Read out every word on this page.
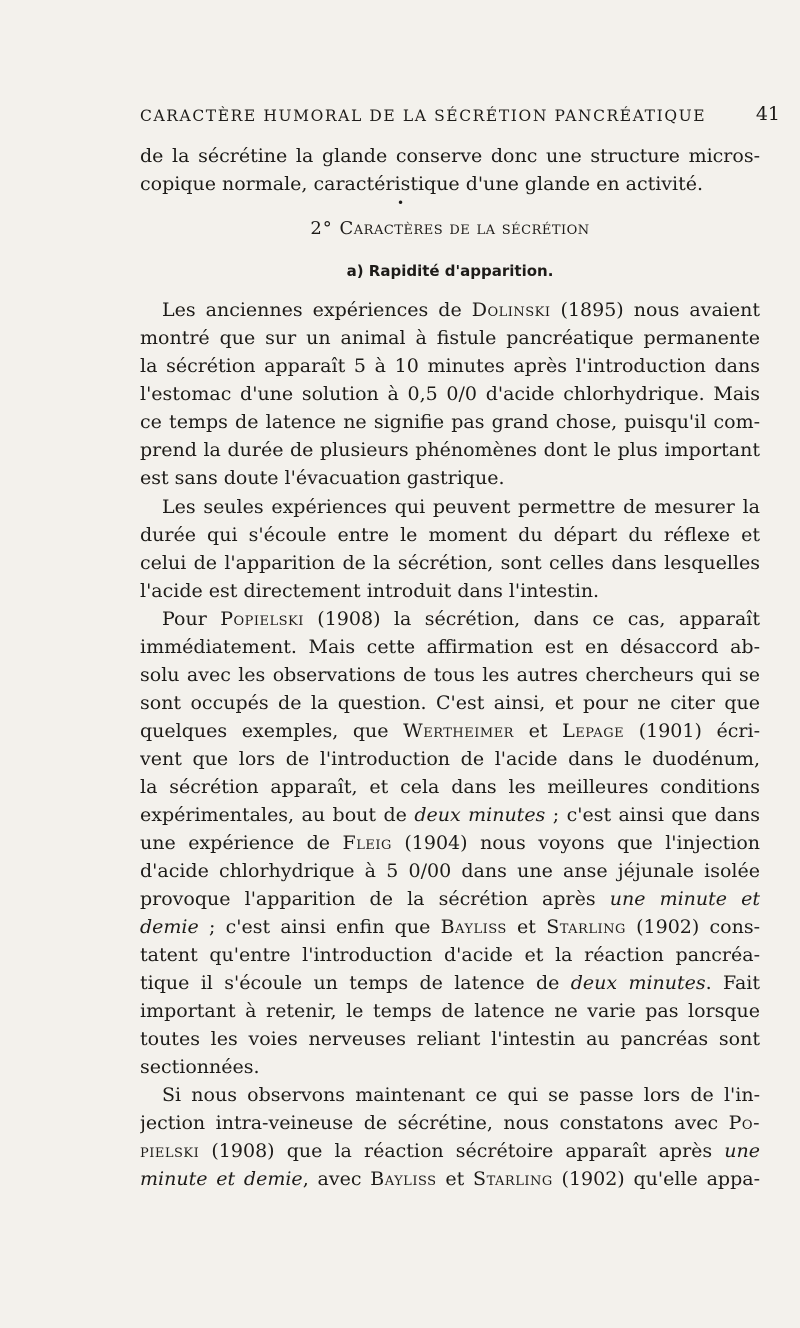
CARACTÈRE HUMORAL DE LA SÉCRÉTION PANCRÉATIQUE	41

de la sécrétine la glande conserve donc une structure micros-
copique normale, caractéristique d'une glande en activité.

•
2° Caractères de la sécrétion
a) Rapidité d'apparition.

Les anciennes expériences de Dolinski (1895) nous avaient
montré que sur un animal à fistule pancréatique permanente
la sécrétion apparaît 5 à 10 minutes après l'introduction dans
l'estomac d'une solution à 0,5 0/0 d'acide chlorhydrique. Mais
ce temps de latence ne signifie pas grand chose, puisqu'il com-
prend la durée de plusieurs phénomènes dont le plus important
est sans doute l'évacuation gastrique.

Les seules expériences qui peuvent permettre de mesurer la
durée qui s'écoule entre le moment du départ du réflexe et
celui de l'apparition de la sécrétion, sont celles dans lesquelles
l'acide est directement introduit dans l'intestin.

Pour Popielski (1908) la sécrétion, dans ce cas, apparaît
immédiatement. Mais cette affirmation est en désaccord ab-
solu avec les observations de tous les autres chercheurs qui se
sont occupés de la question. C'est ainsi, et pour ne citer que
quelques exemples, que Wertheimer et Lepage (1901) écri-
vent que lors de l'introduction de l'acide dans le duodénum,
la sécrétion apparaît, et cela dans les meilleures conditions
expérimentales, au bout de deux minutes ; c'est ainsi que dans
une expérience de Fleig (1904) nous voyons que l'injection
d'acide chlorhydrique à 5 0/00 dans une anse jéjunale isolée
provoque l'apparition de la sécrétion après une minute et
demie ; c'est ainsi enfin que Bayliss et Starling (1902) cons-
tatent qu'entre l'introduction d'acide et la réaction pancréa-
tique il s'écoule un temps de latence de deux minutes. Fait
important à retenir, le temps de latence ne varie pas lorsque
toutes les voies nerveuses reliant l'intestin au pancréas sont
sectionnées.

Si nous observons maintenant ce qui se passe lors de l'in-
jection intra-veineuse de sécrétine, nous constatons avec Po-
pielski (1908) que la réaction sécrétoire apparaît après une
minute et demie, avec Bayliss et Starling (1902) qu'elle appa-
